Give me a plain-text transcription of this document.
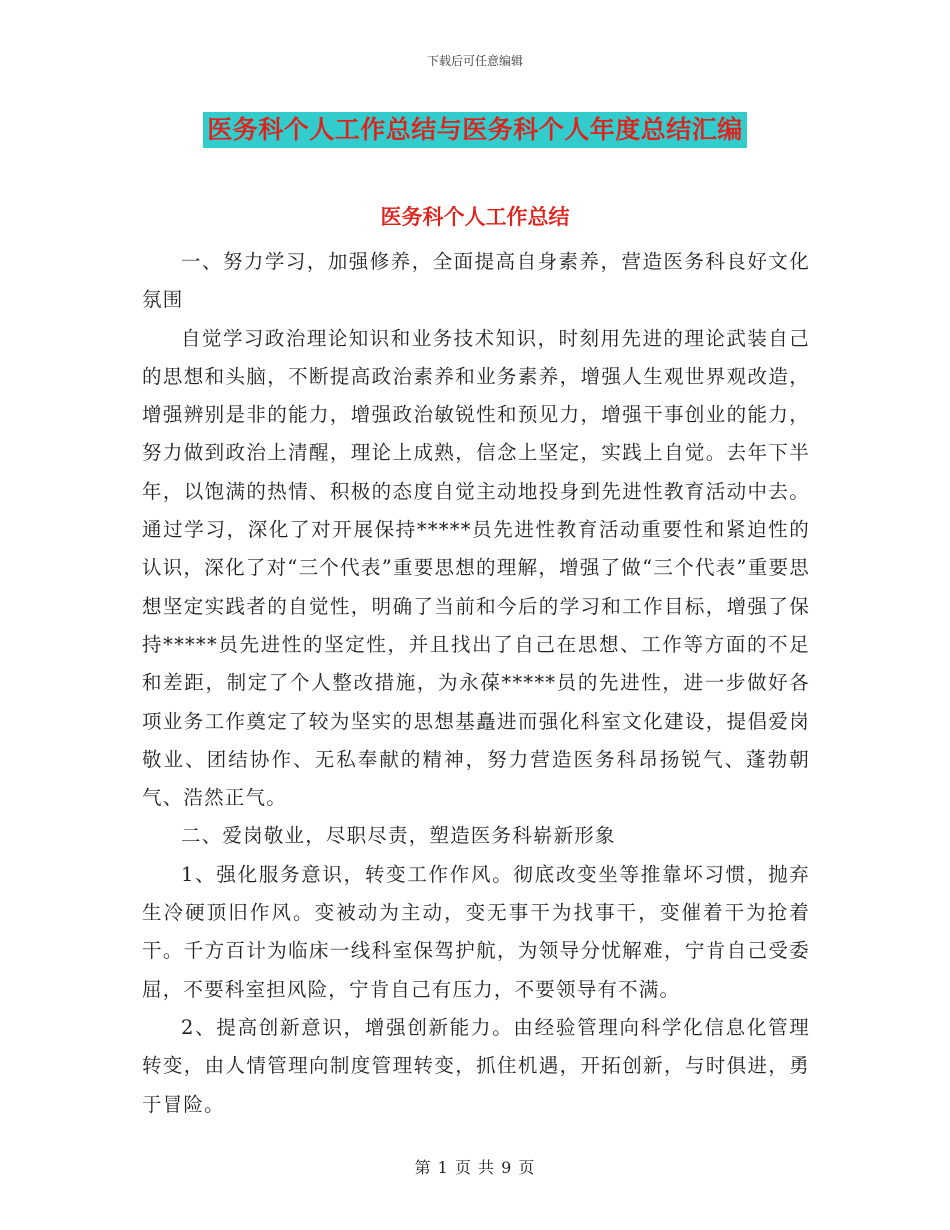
下载后可任意编辑
医务科个人工作总结与医务科个人年度总结汇编
医务科个人工作总结

一、努力学习，加强修养，全面提高自身素养，营造医务科良好文化氛围

自觉学习政治理论知识和业务技术知识，时刻用先进的理论武装自己的思想和头脑，不断提高政治素养和业务素养，增强人生观世界观改造，增强辨别是非的能力，增强政治敏锐性和预见力，增强干事创业的能力，努力做到政治上清醒，理论上成熟，信念上坚定，实践上自觉。去年下半年，以饱满的热情、积极的态度自觉主动地投身到先进性教育活动中去。通过学习，深化了对开展保持*****员先进性教育活动重要性和紧迫性的认识，深化了对“三个代表”重要思想的理解，增强了做“三个代表”重要思想坚定实践者的自觉性，明确了当前和今后的学习和工作目标，增强了保持*****员先进性的坚定性，并且找出了自己在思想、工作等方面的不足和差距，制定了个人整改措施，为永葆*****员的先进性，进一步做好各项业务工作奠定了较为坚实的思想基矗进而强化科室文化建设，提倡爱岗敬业、团结协作、无私奉献的精神，努力营造医务科昂扬锐气、蓬勃朝气、浩然正气。

二、爱岗敬业，尽职尽责，塑造医务科崭新形象

1、强化服务意识，转变工作作风。彻底改变坐等推靠坏习惯，抛弃生冷硬顶旧作风。变被动为主动，变无事干为找事干，变催着干为抢着干。千方百计为临床一线科室保驾护航，为领导分忧解难，宁肯自己受委屈，不要科室担风险，宁肯自己有压力，不要领导有不满。

2、提高创新意识，增强创新能力。由经验管理向科学化信息化管理转变，由人情管理向制度管理转变，抓住机遇，开拓创新，与时俱进，勇于冒险。

第 1 页 共 9 页
